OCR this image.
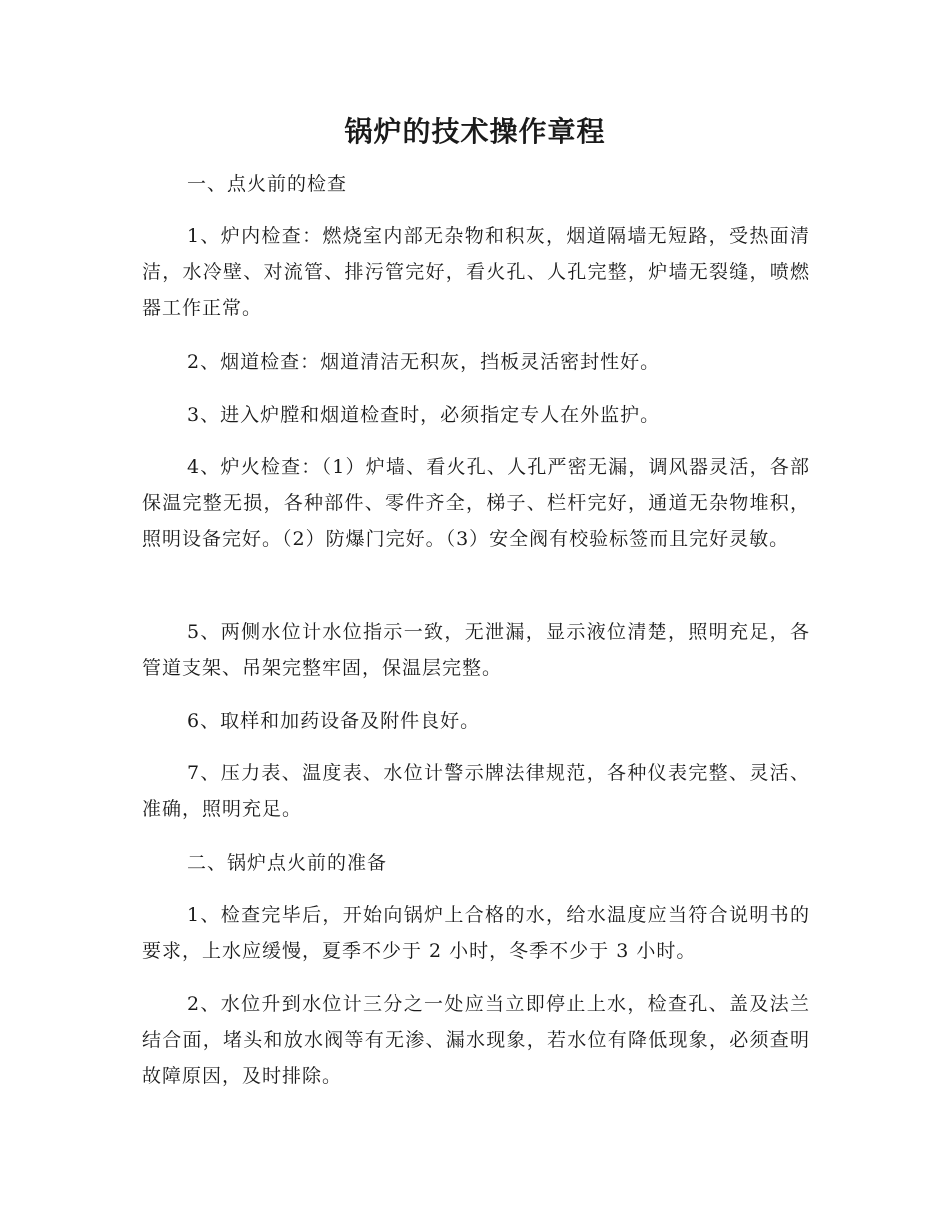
锅炉的技术操作章程

一、点火前的检查

1、炉内检查：燃烧室内部无杂物和积灰，烟道隔墙无短路，受热面清洁，水冷壁、对流管、排污管完好，看火孔、人孔完整，炉墙无裂缝，喷燃器工作正常。

2、烟道检查：烟道清洁无积灰，挡板灵活密封性好。

3、进入炉膛和烟道检查时，必须指定专人在外监护。

4、炉火检查：（1）炉墙、看火孔、人孔严密无漏，调风器灵活，各部保温完整无损，各种部件、零件齐全，梯子、栏杆完好，通道无杂物堆积，照明设备完好。（2）防爆门完好。（3）安全阀有校验标签而且完好灵敏。

5、两侧水位计水位指示一致，无泄漏，显示液位清楚，照明充足，各管道支架、吊架完整牢固，保温层完整。

6、取样和加药设备及附件良好。

7、压力表、温度表、水位计警示牌法律规范，各种仪表完整、灵活、准确，照明充足。

二、锅炉点火前的准备

1、检查完毕后，开始向锅炉上合格的水，给水温度应当符合说明书的要求，上水应缓慢，夏季不少于 2 小时，冬季不少于 3 小时。

2、水位升到水位计三分之一处应当立即停止上水，检查孔、盖及法兰结合面，堵头和放水阀等有无渗、漏水现象，若水位有降低现象，必须查明故障原因，及时排除。
